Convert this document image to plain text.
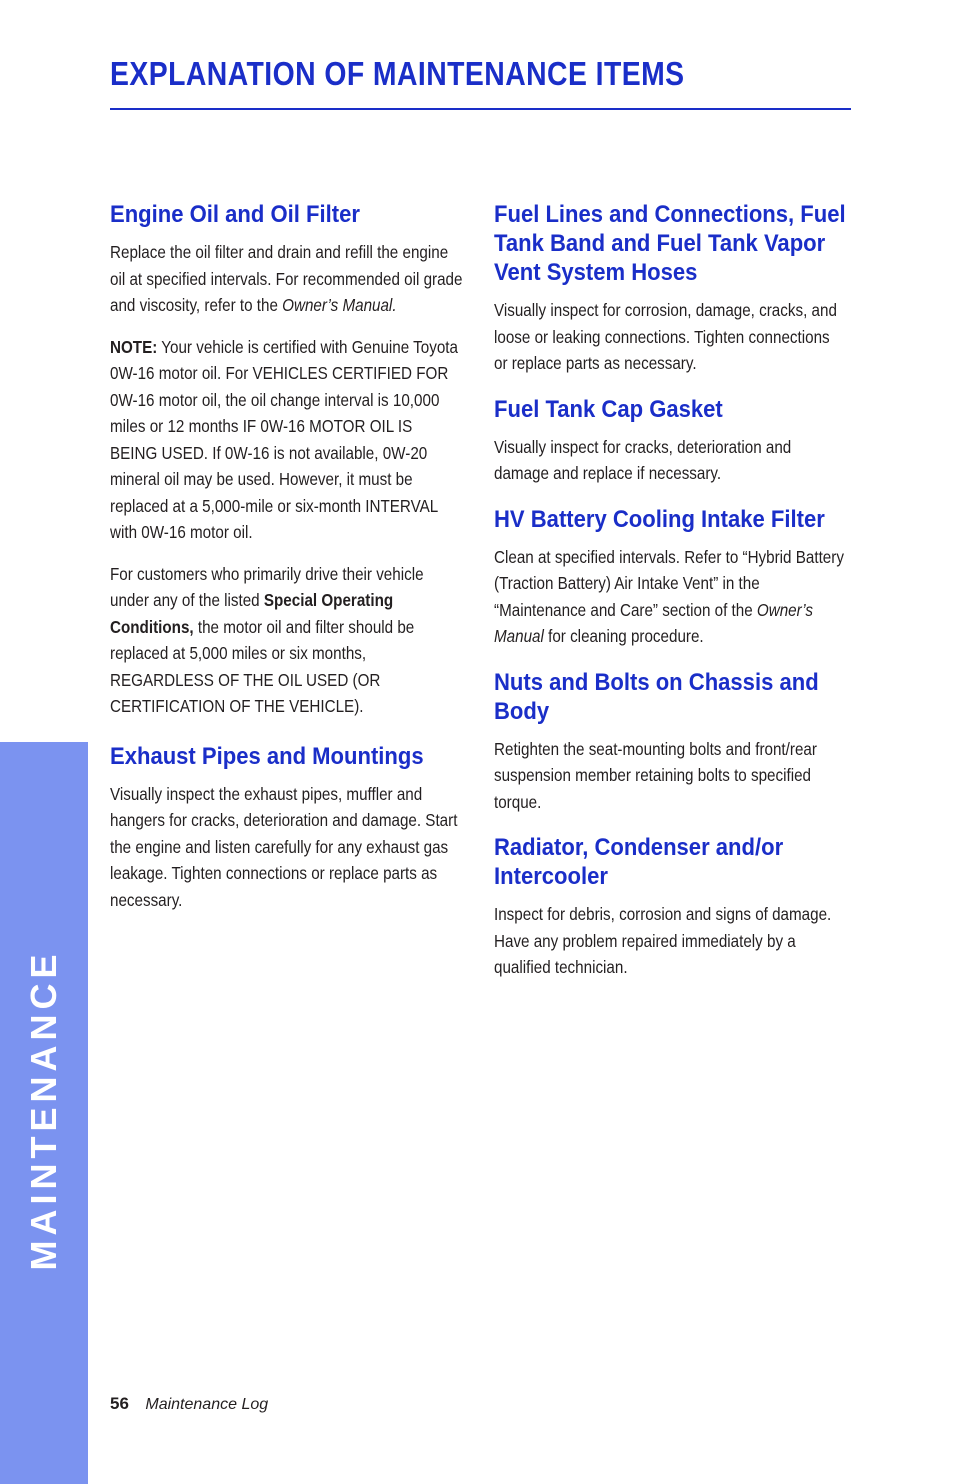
EXPLANATION OF MAINTENANCE ITEMS
MAINTENANCE
Engine Oil and Oil Filter

Replace the oil filter and drain and refill the engine oil at specified intervals. For recommended oil grade and viscosity, refer to the Owner’s Manual.

NOTE: Your vehicle is certified with Genuine Toyota 0W-16 motor oil. For VEHICLES CERTIFIED FOR 0W-16 motor oil, the oil change interval is 10,000 miles or 12 months IF 0W-16 MOTOR OIL IS BEING USED. If 0W-16 is not available, 0W-20 mineral oil may be used. However, it must be replaced at a 5,000-mile or six-month INTERVAL with 0W-16 motor oil.

For customers who primarily drive their vehicle under any of the listed Special Operating Conditions, the motor oil and filter should be replaced at 5,000 miles or six months, REGARDLESS OF THE OIL USED (OR CERTIFICATION OF THE VEHICLE).

Exhaust Pipes and Mountings

Visually inspect the exhaust pipes, muffler and hangers for cracks, deterioration and damage. Start the engine and listen carefully for any exhaust gas leakage. Tighten connections or replace parts as necessary.

Fuel Lines and Connections, Fuel Tank Band and Fuel Tank Vapor Vent System Hoses

Visually inspect for corrosion, damage, cracks, and loose or leaking connections. Tighten connections or replace parts as necessary.

Fuel Tank Cap Gasket

Visually inspect for cracks, deterioration and damage and replace if necessary.

HV Battery Cooling Intake Filter

Clean at specified intervals. Refer to “Hybrid Battery (Traction Battery) Air Intake Vent” in the “Maintenance and Care” section of the Owner’s Manual for cleaning procedure.

Nuts and Bolts on Chassis and Body

Retighten the seat-mounting bolts and front/rear suspension member retaining bolts to specified torque.

Radiator, Condenser and/or Intercooler

Inspect for debris, corrosion and signs of damage. Have any problem repaired immediately by a qualified technician.

56 Maintenance Log
